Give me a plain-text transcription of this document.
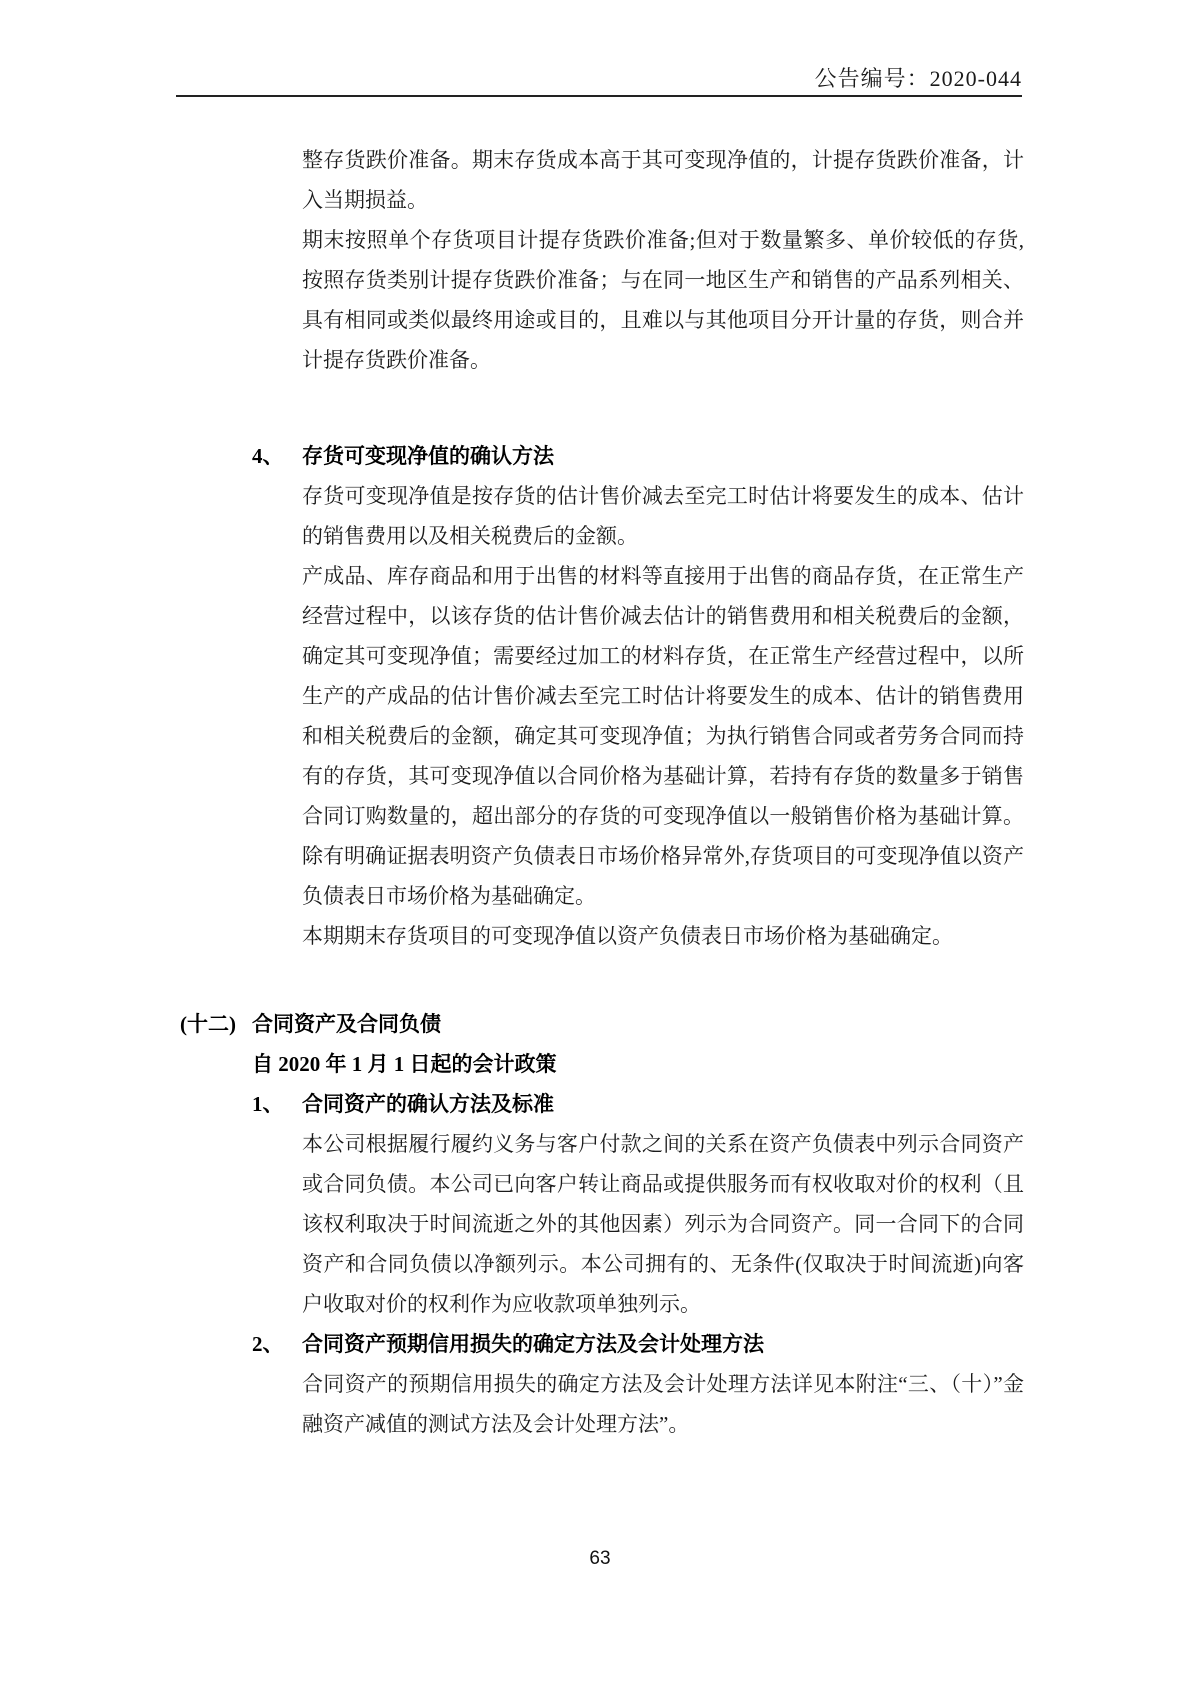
公告编号：2020-044

整存货跌价准备。期末存货成本高于其可变现净值的，计提存货跌价准备，计入当期损益。

期末按照单个存货项目计提存货跌价准备;但对于数量繁多、单价较低的存货,按照存货类别计提存货跌价准备；与在同一地区生产和销售的产品系列相关、具有相同或类似最终用途或目的，且难以与其他项目分开计量的存货，则合并计提存货跌价准备。

4、 存货可变现净值的确认方法

存货可变现净值是按存货的估计售价减去至完工时估计将要发生的成本、估计的销售费用以及相关税费后的金额。

产成品、库存商品和用于出售的材料等直接用于出售的商品存货，在正常生产经营过程中，以该存货的估计售价减去估计的销售费用和相关税费后的金额，确定其可变现净值；需要经过加工的材料存货，在正常生产经营过程中，以所生产的产成品的估计售价减去至完工时估计将要发生的成本、估计的销售费用和相关税费后的金额，确定其可变现净值；为执行销售合同或者劳务合同而持有的存货，其可变现净值以合同价格为基础计算，若持有存货的数量多于销售合同订购数量的，超出部分的存货的可变现净值以一般销售价格为基础计算。除有明确证据表明资产负债表日市场价格异常外,存货项目的可变现净值以资产负债表日市场价格为基础确定。

本期期末存货项目的可变现净值以资产负债表日市场价格为基础确定。

(十二) 合同资产及合同负债
自 2020 年 1 月 1 日起的会计政策
1、 合同资产的确认方法及标准

本公司根据履行履约义务与客户付款之间的关系在资产负债表中列示合同资产或合同负债。本公司已向客户转让商品或提供服务而有权收取对价的权利（且该权利取决于时间流逝之外的其他因素）列示为合同资产。同一合同下的合同资产和合同负债以净额列示。本公司拥有的、无条件(仅取决于时间流逝)向客户收取对价的权利作为应收款项单独列示。

2、 合同资产预期信用损失的确定方法及会计处理方法

合同资产的预期信用损失的确定方法及会计处理方法详见本附注“三、（十）”金融资产减值的测试方法及会计处理方法”。

63
